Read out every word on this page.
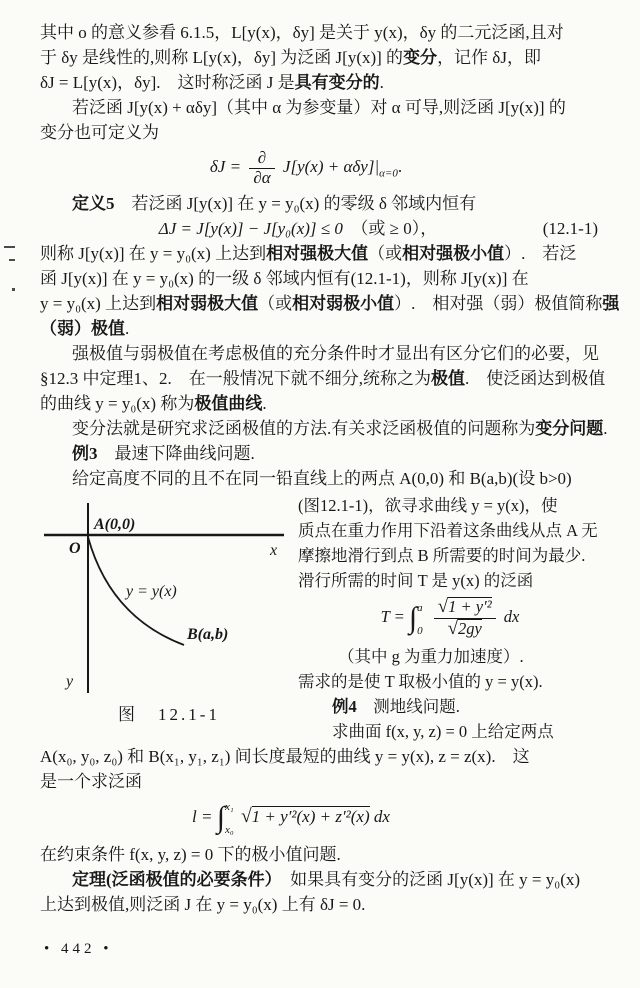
其中 o 的意义参看 6.1.5，L[y(x)，δy] 是关于 y(x)，δy 的二元泛函,且对
于 δy 是线性的,则称 L[y(x)，δy] 为泛函 J[y(x)] 的变分，记作 δJ，即
δJ = L[y(x)，δy].　这时称泛函 J 是具有变分的.
若泛函 J[y(x) + αδy]（其中 α 为参变量）对 α 可导,则泛函 J[y(x)] 的
变分也可定义为
$\delta J = \frac{\partial}{\partial\alpha} J[y(x) + \alpha\delta y]|_{\alpha=0}$.
定义5　若泛函 J[y(x)] 在 y = y₀(x) 的零级 δ 邻域内恒有
ΔJ = J[y(x)] − J[y₀(x)] ≤ 0　（或 ≥ 0），	(12.1-1)
则称 J[y(x)] 在 y = y₀(x) 上达到相对强极大值（或相对强极小值）.　若泛
函 J[y(x)] 在 y = y₀(x) 的一级 δ 邻域内恒有(12.1-1)，则称 J[y(x)] 在
y = y₀(x) 上达到相对弱极大值（或相对弱极小值）.　相对强（弱）极值简称强
（弱）极值.
强极值与弱极值在考虑极值的充分条件时才显出有区分它们的必要，见
§12.3 中定理1、2.　在一般情况下就不细分,统称之为极值.　使泛函达到极值
的曲线 y = y₀(x) 称为极值曲线.
变分法就是研究求泛函极值的方法.有关求泛函极值的问题称为变分问题.
例3　最速下降曲线问题.
给定高度不同的且不在同一铅直线上的两点 A(0,0) 和 B(a,b)(设 b>0)
A(0,0)
O	x
y = y(x)
B(a,b)
y
图　12.1-1
(图12.1-1)，欲寻求曲线 y = y(x)，使
质点在重力作用下沿着这条曲线从点 A 无
摩擦地滑行到点 B 所需要的时间为最少.
滑行所需的时间 T 是 y(x) 的泛函
T = ∫ a
0
$\frac{\text{√1 + y′²}}{√2gy}$ dx
（其中 g 为重力加速度）.
需求的是使 T 取极小值的 y = y(x).
例4　测地线问题.
求曲面 f(x, y, z) = 0 上给定两点
A(x₀, y₀, z₀) 和 B(x₁, y₁, z₁) 间长度最短的曲线 y = y(x), z = z(x).　这
是一个求泛函
l = ∫ x₁
x₀
√1 + y′²(x) + z′²(x) dx
在约束条件 f(x, y, z) = 0 下的极小值问题.
定理(泛函极值的必要条件）　如果具有变分的泛函 J[y(x)] 在 y = y₀(x)
上达到极值,则泛函 J 在 y = y₀(x) 上有 δJ = 0.
• 442 •
